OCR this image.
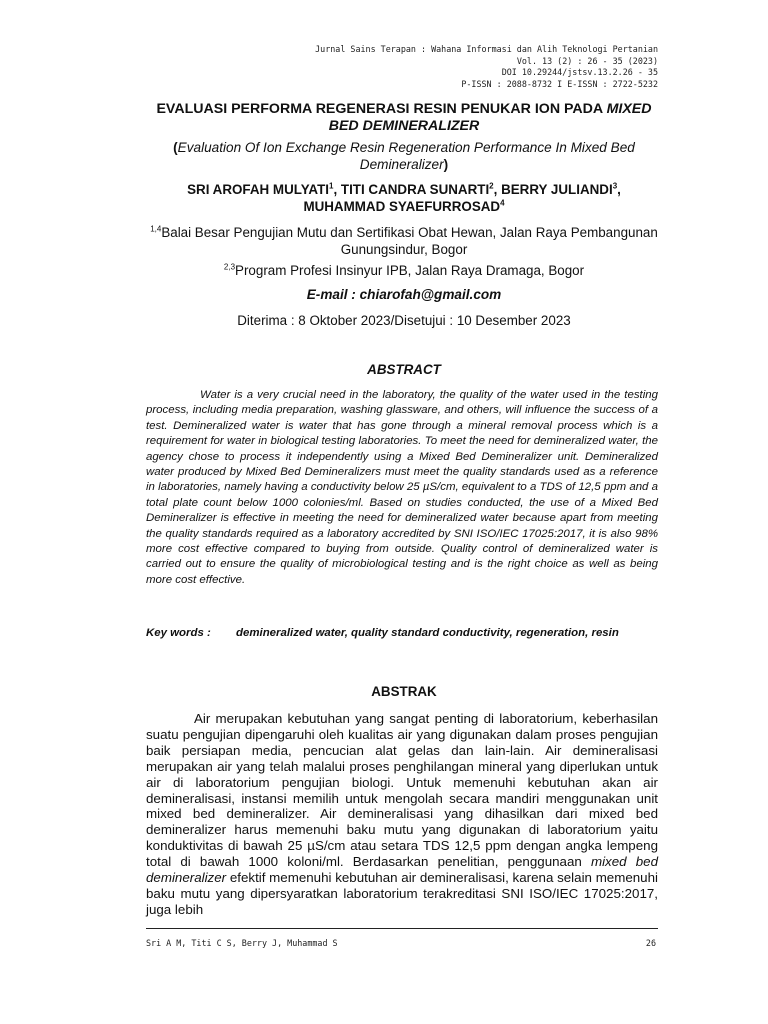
Jurnal Sains Terapan : Wahana Informasi dan Alih Teknologi Pertanian
Vol. 13 (2) : 26 - 35 (2023)
DOI 10.29244/jstsv.13.2.26 - 35
P-ISSN : 2088-8732 I E-ISSN : 2722-5232
EVALUASI PERFORMA REGENERASI RESIN PENUKAR ION PADA MIXED BED DEMINERALIZER
(Evaluation Of Ion Exchange Resin Regeneration Performance In Mixed Bed Demineralizer)
SRI AROFAH MULYATI$^1$, TITI CANDRA SUNARTI$^2$, BERRY JULIANDI$^3$, MUHAMMAD SYAEFURROSAD$^4$
$^{1,4}$Balai Besar Pengujian Mutu dan Sertifikasi Obat Hewan, Jalan Raya Pembangunan Gunungsindur, Bogor
$^{2,3}$Program Profesi Insinyur IPB, Jalan Raya Dramaga, Bogor
E-mail : chiarofah@gmail.com
Diterima : 8 Oktober 2023/Disetujui : 10 Desember 2023
ABSTRACT
Water is a very crucial need in the laboratory, the quality of the water used in the testing process, including media preparation, washing glassware, and others, will influence the success of a test. Demineralized water is water that has gone through a mineral removal process which is a requirement for water in biological testing laboratories. To meet the need for demineralized water, the agency chose to process it independently using a Mixed Bed Demineralizer unit. Demineralized water produced by Mixed Bed Demineralizers must meet the quality standards used as a reference in laboratories, namely having a conductivity below 25 µS/cm, equivalent to a TDS of 12,5 ppm and a total plate count below 1000 colonies/ml. Based on studies conducted, the use of a Mixed Bed Demineralizer is effective in meeting the need for demineralized water because apart from meeting the quality standards required as a laboratory accredited by SNI ISO/IEC 17025:2017, it is also 98% more cost effective compared to buying from outside. Quality control of demineralized water is carried out to ensure the quality of microbiological testing and is the right choice as well as being more cost effective.
Key words :	demineralized water, quality standard conductivity, regeneration, resin
ABSTRAK
Air merupakan kebutuhan yang sangat penting di laboratorium, keberhasilan suatu pengujian dipengaruhi oleh kualitas air yang digunakan dalam proses pengujian baik persiapan media, pencucian alat gelas dan lain-lain. Air demineralisasi merupakan air yang telah malalui proses penghilangan mineral yang diperlukan untuk air di laboratorium pengujian biologi. Untuk memenuhi kebutuhan akan air demineralisasi, instansi memilih untuk mengolah secara mandiri menggunakan unit mixed bed demineralizer. Air demineralisasi yang dihasilkan dari mixed bed demineralizer harus memenuhi baku mutu yang digunakan di laboratorium yaitu konduktivitas di bawah 25 µS/cm atau setara TDS 12,5 ppm dengan angka lempeng total di bawah 1000 koloni/ml. Berdasarkan penelitian, penggunaan mixed bed demineralizer efektif memenuhi kebutuhan air demineralisasi, karena selain memenuhi baku mutu yang dipersyaratkan laboratorium terakreditasi SNI ISO/IEC 17025:2017, juga lebih
Sri A M, Titi C S, Berry J, Muhammad S	26
